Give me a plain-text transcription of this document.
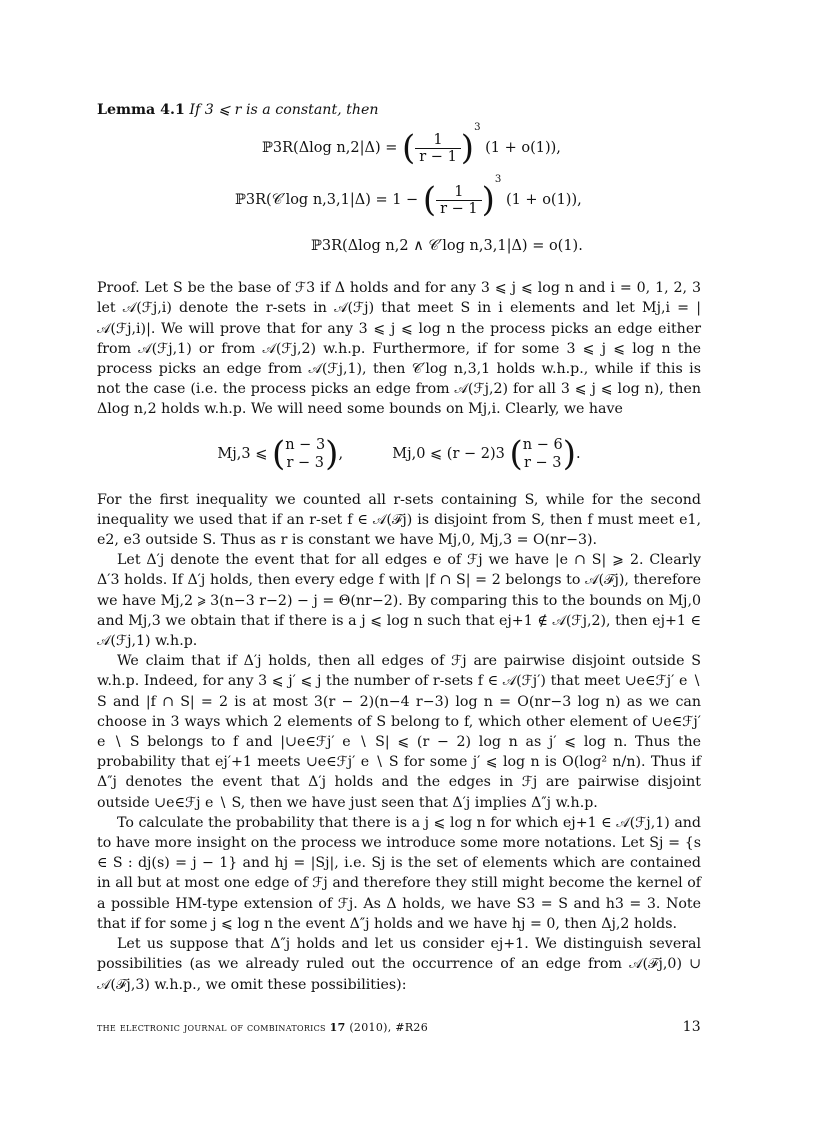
Lemma 4.1 If 3 ⩽ r is a constant, then

ℙ3R(Δlog n,2|Δ) = ( $\frac{1}{r - 1} )^3$ (1 + o(1)),
ℙ3R(𝒞′log n,3,1|Δ) = 1 − ( $\frac{1}{r - 1} )^3$ (1 + o(1)),
ℙ3R(Δlog n,2 ∧ 𝒞′log n,3,1|Δ) = o(1).

Proof. Let S be the base of ℱ3 if Δ holds and for any 3 ⩽ j ⩽ log n and i = 0, 1, 2, 3 let 𝒜(ℱj,i) denote the r-sets in 𝒜(ℱj) that meet S in i elements and let Mj,i = |𝒜(ℱj,i)|. We will prove that for any 3 ⩽ j ⩽ log n the process picks an edge either from 𝒜(ℱj,1) or from 𝒜(ℱj,2) w.h.p. Furthermore, if for some 3 ⩽ j ⩽ log n the process picks an edge from 𝒜(ℱj,1), then 𝒞′log n,3,1 holds w.h.p., while if this is not the case (i.e. the process picks an edge from 𝒜(ℱj,2) for all 3 ⩽ j ⩽ log n), then Δlog n,2 holds w.h.p. We will need some bounds on Mj,i. Clearly, we have

Mj,3 ⩽ ( n − 3
r − 3 ),	Mj,0 ⩽ (r − 2)3 ( n − 6
r − 3 ).

For the first inequality we counted all r-sets containing S, while for the second inequality we used that if an r-set f ∈ 𝒜(ℱj) is disjoint from S, then f must meet e1, e2, e3 outside S. Thus as r is constant we have Mj,0, Mj,3 = O(nr−3).

Let Δ′j denote the event that for all edges e of ℱj we have |e ∩ S| ⩾ 2. Clearly Δ′3 holds. If Δ′j holds, then every edge f with |f ∩ S| = 2 belongs to 𝒜(ℱj), therefore we have Mj,2 ⩾ 3(n−3 r−2) − j = Θ(nr−2). By comparing this to the bounds on Mj,0 and Mj,3 we obtain that if there is a j ⩽ log n such that ej+1 ∉ 𝒜(ℱj,2), then ej+1 ∈ 𝒜(ℱj,1) w.h.p.

We claim that if Δ′j holds, then all edges of ℱj are pairwise disjoint outside S w.h.p. Indeed, for any 3 ⩽ j′ ⩽ j the number of r-sets f ∈ 𝒜(ℱj′) that meet ∪e∈ℱj′ e ∖ S and |f ∩ S| = 2 is at most 3(r − 2)(n−4 r−3) log n = O(nr−3 log n) as we can choose in 3 ways which 2 elements of S belong to f, which other element of ∪e∈ℱj′ e ∖ S belongs to f and |∪e∈ℱj′ e ∖ S| ⩽ (r − 2) log n as j′ ⩽ log n. Thus the probability that ej′+1 meets ∪e∈ℱj′ e ∖ S for some j′ ⩽ log n is O(log² n/n). Thus if Δ″j denotes the event that Δ′j holds and the edges in ℱj are pairwise disjoint outside ∪e∈ℱj e ∖ S, then we have just seen that Δ′j implies Δ″j w.h.p.

To calculate the probability that there is a j ⩽ log n for which ej+1 ∈ 𝒜(ℱj,1) and to have more insight on the process we introduce some more notations. Let Sj = {s ∈ S : dj(s) = j − 1} and hj = |Sj|, i.e. Sj is the set of elements which are contained in all but at most one edge of ℱj and therefore they still might become the kernel of a possible HM-type extension of ℱj. As Δ holds, we have S3 = S and h3 = 3. Note that if for some j ⩽ log n the event Δ″j holds and we have hj = 0, then Δj,2 holds.

Let us suppose that Δ″j holds and let us consider ej+1. We distinguish several possibilities (as we already ruled out the occurrence of an edge from 𝒜(ℱj,0) ∪ 𝒜(ℱj,3) w.h.p., we omit these possibilities):

the electronic journal of combinatorics 17 (2010), #R26	13
